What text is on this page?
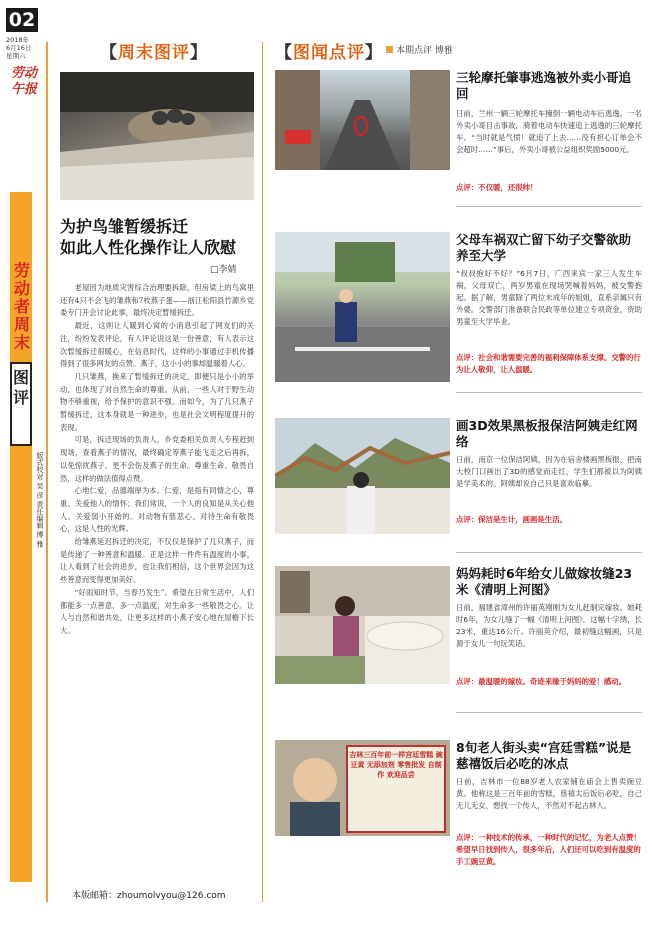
02
2018年
6月16日
星期六
劳动午报
劳动者周末
图评
版式校对 吴 彦 责任编辑 博 雅
【周末图评】
为护鸟雏暂缓拆迁
如此人性化操作让人欣慰
□李婧

老屋因为地质灾害综合治理要拆除，但房梁上的鸟窝里还有4只不会飞的雏燕和7枚燕子蛋——浙江松阳县竹源乡党委专门开会讨论此事，最终决定暂缓拆迁。

最近，这则让人暖到心窝的小消息引起了网友们的关注，纷纷发表评论，有人评论说这是一份善意，有人表示这次暂缓拆迁很暖心，在信息时代，这样的小事通过手机传播得到了很多网友的点赞。燕子，这小小的事却温暖着人心。

几只雏燕，换来了暂缓拆迁的决定，即便只是小小的举动，也体现了对自然生命的尊重。从前，一些人对于野生动物不够重视，给予保护的意识不强。而如今，为了几只燕子暂缓拆迁，这本身就是一种进步，也是社会文明程度提升的表现。

可是，拆迁现场的负责人，乡党委相关负责人专程赶到现场，查看燕子的情况，最终确定等燕子能飞走之后再拆，以免惊扰燕子，更不会伤及燕子的生命。尊重生命、敬畏自然，这样的做法值得点赞。

心地仁爱，品德端厚为本。仁爱，是指有同情之心，尊重、关爱他人的情怀；我们常说，一个人的良知是从关心他人、关爱弱小开始的。对动物有慈悲心、对待生命有敬畏心，这是人性的光辉。

给雏燕延迟拆迁的决定，不仅仅是保护了几只燕子，而是传递了一种善意和温暖。正是这样一件件有温度的小事，让人看到了社会的进步，也让我们相信，这个世界会因为这些善意而变得更加美好。

“好雨知时节，当春乃发生”。希望在日常生活中，人们都能多一点善意，多一点温度，对生命多一些敬畏之心。让人与自然和谐共处，让更多这样的小燕子安心地在屋檐下长大。

本版邮箱：zhoumolvyou@126.com
【图闻点评】	本期点评 博雅
三轮摩托肇事逃逸被外卖小哥追回
日前，兰州一辆三轮摩托车撞倒一辆电动车后逃逸。一名外卖小哥目击事故，骑着电动车快速追上逃逸的三轮摩托车。“当时就是气愤！就追了上去……没有担心订单会不会超时……”事后，外卖小哥被公益组织奖励5000元。
点评：不仅暖，还很帅！
父母车祸双亡留下幼子交警欲助养至大学
“叔叔抱好不好？”6月7日，广西来宾一家三人发生车祸，父母双亡，两岁男童在现场哭喊着妈妈，被交警抱起。据了解，男童除了两位未成年的姐姐，直系亲属只有外婆。交警部门准备联合民政等单位建立专项资金，资助男童至大学毕业。
点评：社会和谐需要完善的福利保障体系支撑。交警的行为让人敬仰，让人温暖。
画3D效果黑板报保洁阿姨走红网络
日前，南京一位保洁阿姨，因为在宿舍楼画黑板报，把南大校门口画出了3D的感觉而走红，学生们都被以为阿姨是学美术的。阿姨却说自己只是喜欢临摹。
点评：保洁是生计，画画是生活。
妈妈耗时6年给女儿做嫁妆缝23米《清明上河图》
日前，福建省漳州的许丽英刚刚为女儿赶制完嫁妆。她耗时6年，为女儿缝了一幅《清明上河图》。这幅十字绣，长23米，重达16公斤。许丽英介绍，最初缝这幅画，只是源于女儿一句玩笑话。
点评：最温暖的嫁妆。奇迹来缘于妈妈的爱！感动。
吉林三百年前一样宫廷雪糕 豌豆黄 无添加剂 零售批发 自制作 欢迎品尝
8旬老人街头卖“宫廷雪糕”说是慈禧饭后必吃的冰点
日前，吉林市一位88岁老人农家铺在庙会上售卖豌豆黄。他称这是三百年前的雪糕，慈禧太后饭后必吃，自己无儿无女，想找一个传人，不然对不起古林人。
点评：一种技术的传承，一种时代的记忆，为老人点赞！希望早日找到传人，很多年后，人们还可以吃到有温度的手工豌豆黄。
